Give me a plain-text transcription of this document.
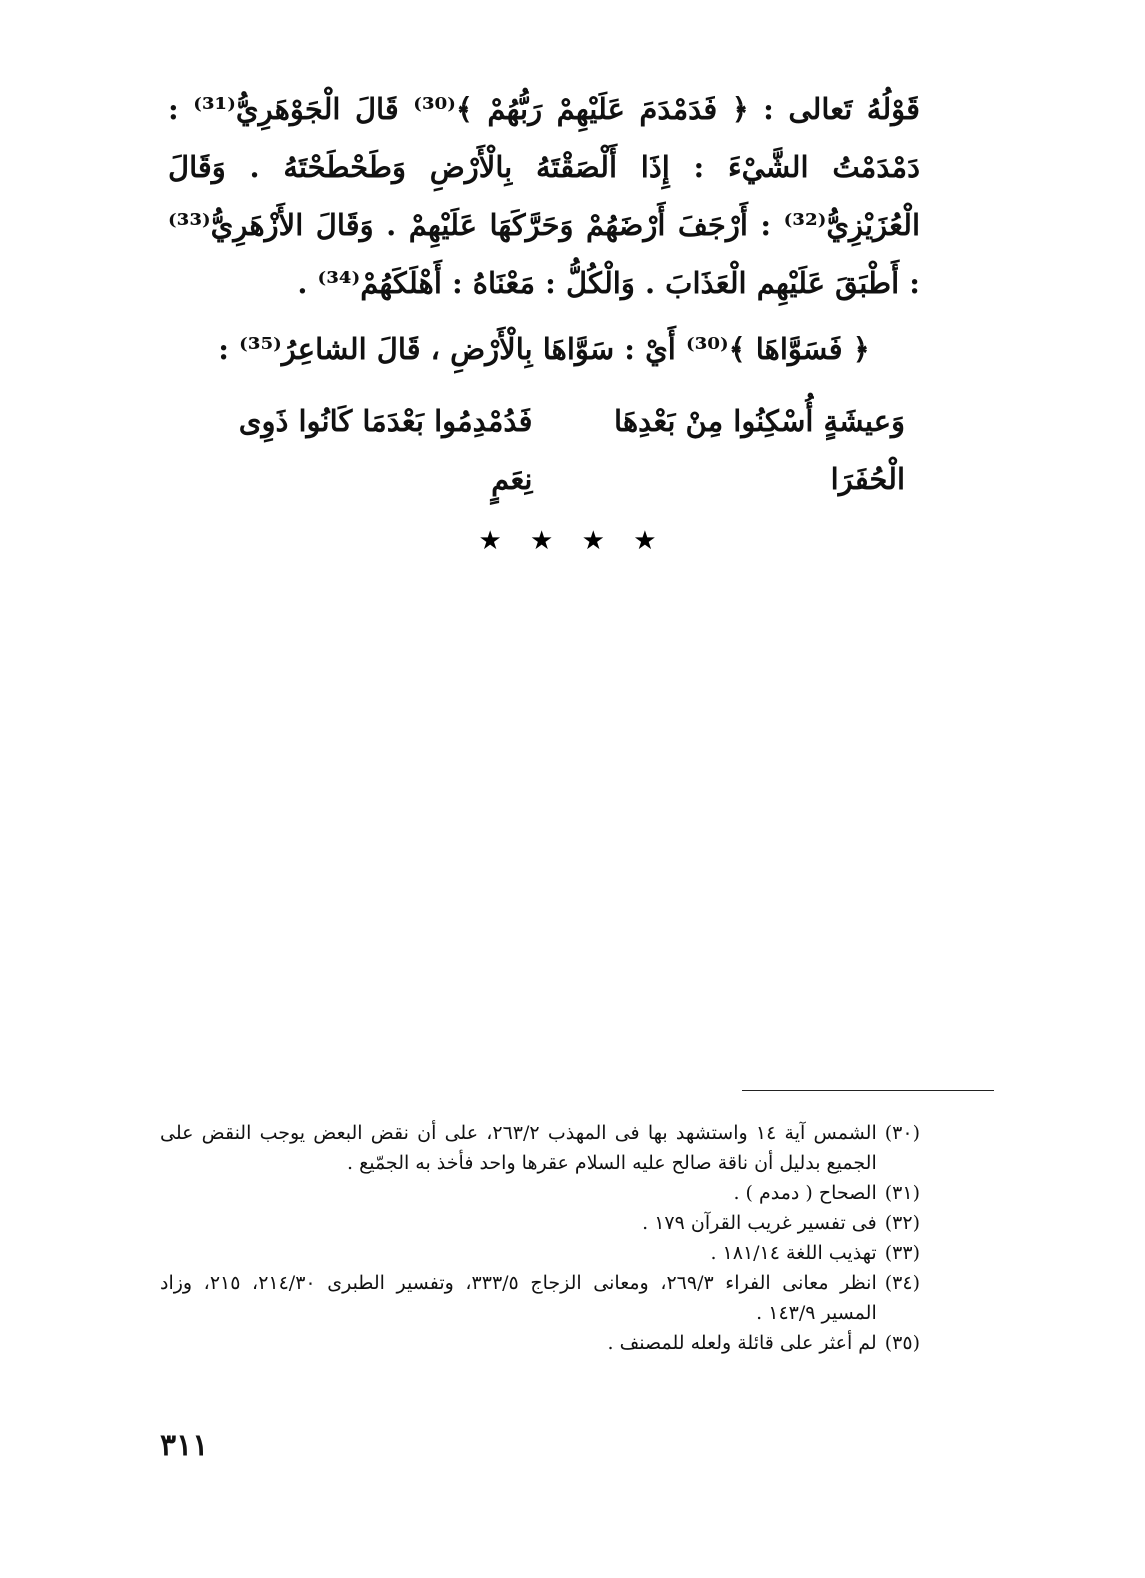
قَوْلُهُ تَعالى : ﴿ فَدَمْدَمَ عَلَيْهِمْ رَبُّهُمْ ﴾⁽³⁰⁾ قَالَ الْجَوْهَرِيُّ⁽³¹⁾ : دَمْدَمْتُ الشَّيْءَ : إِذَا أَلْصَقْتَهُ بِالْأَرْضِ وَطَحْطَحْتَهُ . وَقَالَ الْعُزَيْزِيُّ⁽³²⁾ : أَرْجَفَ أَرْضَهُمْ وَحَرَّكَهَا عَلَيْهِمْ . وَقَالَ الأَزْهَرِيُّ⁽³³⁾ : أَطْبَقَ عَلَيْهِم الْعَذَابَ . وَالْكُلُّ : مَعْنَاهُ : أَهْلَكَهُمْ⁽³⁴⁾ .

﴿ فَسَوَّاهَا ﴾⁽³⁰⁾ أَيْ : سَوَّاهَا بِالْأَرْضِ ، قَالَ الشاعِرُ⁽³⁵⁾ :
وَعيشَةٍ أُسْكِنُوا مِنْ بَعْدِهَا الْحُفَرَا
فَدُمْدِمُوا بَعْدَمَا كَانُوا ذَوِى نِعَمٍ
★ ★ ★ ★
(٣٠)
الشمس آية ١٤ واستشهد بها فى المهذب ٢٦٣/٢، على أن نقض البعض يوجب النقض على الجميع بدليل أن ناقة صالح عليه السلام عقرها واحد فأخذ به الجمّيع .
(٣١)
الصحاح ( دمدم ) .
(٣٢)
فى تفسير غريب القرآن ١٧٩ .
(٣٣)
تهذيب اللغة ١٨١/١٤ .
(٣٤)
انظر معانى الفراء ٢٦٩/٣، ومعانى الزجاج ٣٣٣/٥، وتفسير الطبرى ٢١٤/٣٠، ٢١٥، وزاد المسير ١٤٣/٩ .
(٣٥)
لم أعثر على قائلة ولعله للمصنف .
٣١١
